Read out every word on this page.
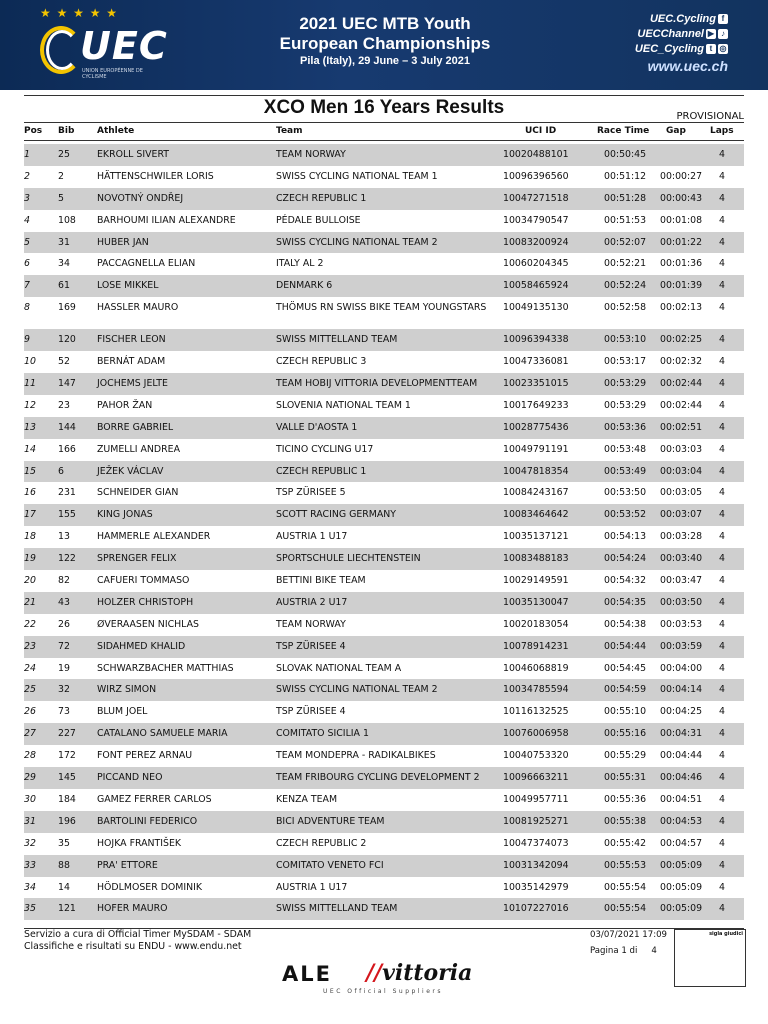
★ ★ ★ ★ ★
UEC
UNION EUROPÉENNE DE CYCLISME
2021 UEC MTB Youth
European Championships
Pila (Italy), 29 June – 3 July 2021
UEC.Cycling f
UECChannel ▶ ♪
UEC_Cycling t ◎
www.uec.ch
XCO Men 16 Years Results	PROVISIONAL
Pos Bib	Athlete	Team	UCI ID	Race Time Gap	Laps
1	25	EKROLL SIVERT	TEAM NORWAY	10020488101	00:50:45	4
2	2	HÄTTENSCHWILER LORIS	SWISS CYCLING NATIONAL TEAM 1	10096396560	00:51:12 00:00:27 4
3	5	NOVOTNÝ ONDŘEJ	CZECH REPUBLIC 1	10047271518	00:51:28 00:00:43 4
4	108 BARHOUMI ILIAN ALEXANDRE	PÉDALE BULLOISE	10034790547	00:51:53 00:01:08 4
5	31	HUBER JAN	SWISS CYCLING NATIONAL TEAM 2	10083200924	00:52:07 00:01:22 4
6	34	PACCAGNELLA ELIAN	ITALY AL 2	10060204345	00:52:21 00:01:36 4
7	61	LOSE MIKKEL	DENMARK 6	10058465924	00:52:24 00:01:39 4
8	169 HASSLER MAURO	THÖMUS RN SWISS BIKE TEAM YOUNGSTARS	10049135130	00:52:58 00:02:13 4
9	120 FISCHER LEON	SWISS MITTELLAND TEAM	10096394338	00:53:10 00:02:25 4
10 52	BERNÁT ADAM	CZECH REPUBLIC 3	10047336081	00:53:17 00:02:32 4
11 147 JOCHEMS JELTE	TEAM HOBIJ VITTORIA DEVELOPMENTTEAM	10023351015	00:53:29 00:02:44 4
12 23	PAHOR ŽAN	SLOVENIA NATIONAL TEAM 1	10017649233	00:53:29 00:02:44 4
13 144 BORRE GABRIEL	VALLE D'AOSTA 1	10028775436	00:53:36 00:02:51 4
14 166 ZUMELLI ANDREA	TICINO CYCLING U17	10049791191	00:53:48 00:03:03 4
15 6	JEŽEK VÁCLAV	CZECH REPUBLIC 1	10047818354	00:53:49 00:03:04 4
16 231 SCHNEIDER GIAN	TSP ZÜRISEE 5	10084243167	00:53:50 00:03:05 4
17 155 KING JONAS	SCOTT RACING GERMANY	10083464642	00:53:52 00:03:07 4
18 13	HAMMERLE ALEXANDER	AUSTRIA 1 U17	10035137121	00:54:13 00:03:28 4
19 122 SPRENGER FELIX	SPORTSCHULE LIECHTENSTEIN	10083488183	00:54:24 00:03:40 4
20 82	CAFUERI TOMMASO	BETTINI BIKE TEAM	10029149591	00:54:32 00:03:47 4
21 43	HOLZER CHRISTOPH	AUSTRIA 2 U17	10035130047	00:54:35 00:03:50 4
22 26	ØVERAASEN NICHLAS	TEAM NORWAY	10020183054	00:54:38 00:03:53 4
23 72	SIDAHMED KHALID	TSP ZÜRISEE 4	10078914231	00:54:44 00:03:59 4
24 19	SCHWARZBACHER MATTHIAS	SLOVAK NATIONAL TEAM A	10046068819	00:54:45 00:04:00 4
25 32	WIRZ SIMON	SWISS CYCLING NATIONAL TEAM 2	10034785594	00:54:59 00:04:14 4
26 73	BLUM JOEL	TSP ZÜRISEE 4	10116132525	00:55:10 00:04:25 4
27 227 CATALANO SAMUELE MARIA	COMITATO SICILIA 1	10076006958	00:55:16 00:04:31 4
28 172 FONT PEREZ ARNAU	TEAM MONDEPRA - RADIKALBIKES	10040753320	00:55:29 00:04:44 4
29 145 PICCAND NEO	TEAM FRIBOURG CYCLING DEVELOPMENT 2	10096663211	00:55:31 00:04:46 4
30 184 GAMEZ FERRER CARLOS	KENZA TEAM	10049957711	00:55:36 00:04:51 4
31 196 BARTOLINI FEDERICO	BICI ADVENTURE TEAM	10081925271	00:55:38 00:04:53 4
32 35	HOJKA FRANTIŠEK	CZECH REPUBLIC 2	10047374073	00:55:42 00:04:57 4
33 88	PRA' ETTORE	COMITATO VENETO FCI	10031342094	00:55:53 00:05:09 4
34 14	HÖDLMOSER DOMINIK	AUSTRIA 1 U17	10035142979	00:55:54 00:05:09 4
35 121 HOFER MAURO	SWISS MITTELLAND TEAM	10107227016	00:55:54 00:05:09 4
Servizio a cura di Official Timer MySDAM - SDAM
Classifiche e risultati su ENDU - www.endu.net
03/07/2021 17:09
Pagina 1 di 4
sigla giudici
ALE //vittoria
UEC Official Suppliers
